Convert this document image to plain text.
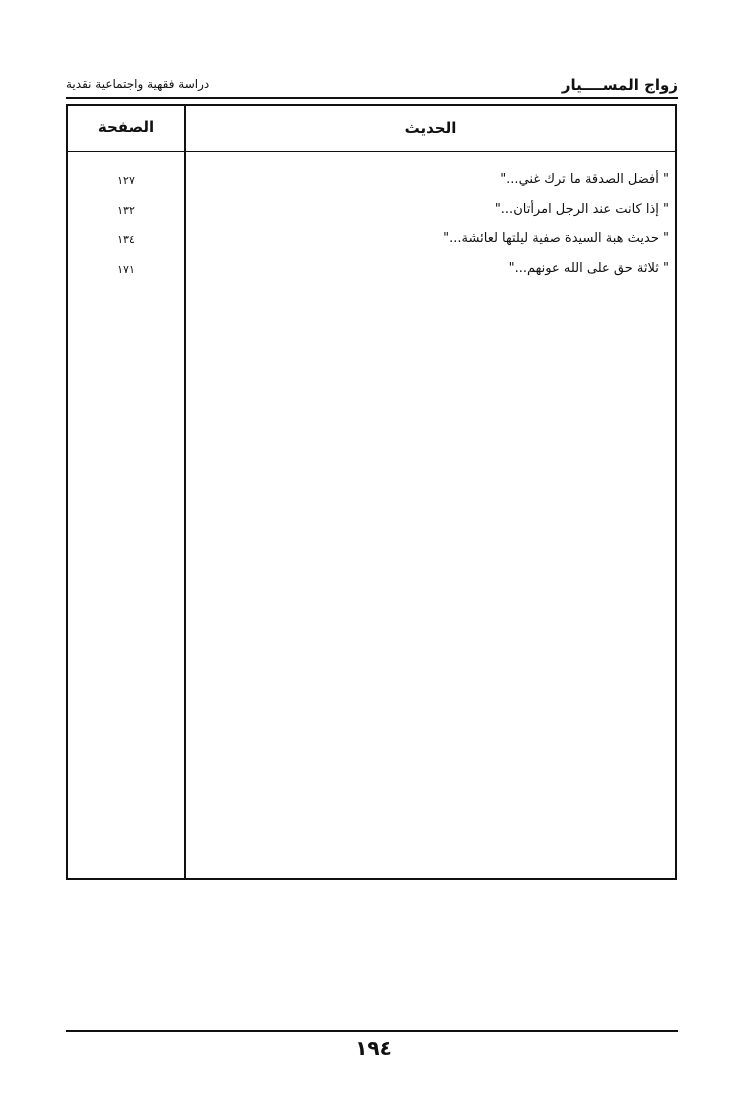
زواج المســــيار
دراسة فقهية واجتماعية نقدية
الصفحة	الحديث
" أفضل الصدقة ما ترك غني..."
١٢٧
" إذا كانت عند الرجل امرأتان..."
١٣٢
" حديث هبة السيدة صفية ليلتها لعائشة..."
١٣٤
" ثلاثة حق على الله عونهم..."
١٧١
١٩٤
